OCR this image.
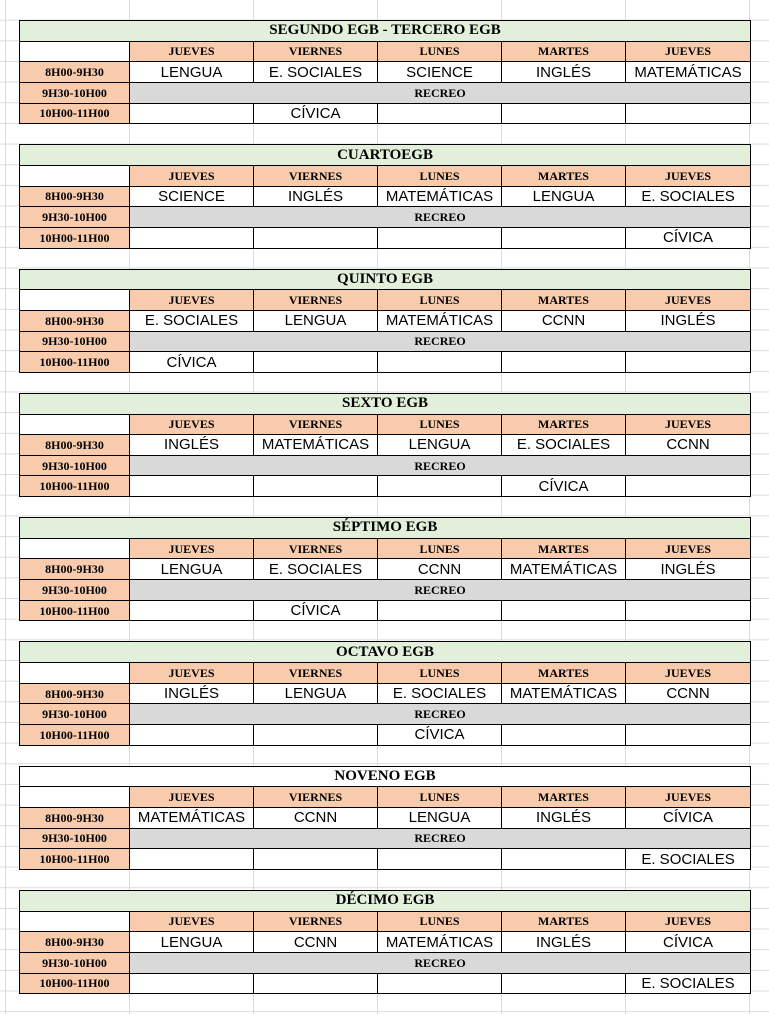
SEGUNDO EGB - TERCERO EGB					
	JUEVES	VIERNES	LUNES	MARTES	JUEVES
8H00-9H30	LENGUA	E. SOCIALES	SCIENCE	INGLÉS	MATEMÁTICAS
9H30-10H00	RECREO				
10H00-11H00		CÍVICA			
CUARTOEGB					
	JUEVES	VIERNES	LUNES	MARTES	JUEVES
8H00-9H30	SCIENCE	INGLÉS	MATEMÁTICAS	LENGUA	E. SOCIALES
9H30-10H00	RECREO				
10H00-11H00					CÍVICA
QUINTO EGB					
	JUEVES	VIERNES	LUNES	MARTES	JUEVES
8H00-9H30	E. SOCIALES	LENGUA	MATEMÁTICAS	CCNN	INGLÉS
9H30-10H00	RECREO				
10H00-11H00	CÍVICA				
SEXTO EGB					
	JUEVES	VIERNES	LUNES	MARTES	JUEVES
8H00-9H30	INGLÉS	MATEMÁTICAS	LENGUA	E. SOCIALES	CCNN
9H30-10H00	RECREO				
10H00-11H00				CÍVICA	
SÉPTIMO EGB					
	JUEVES	VIERNES	LUNES	MARTES	JUEVES
8H00-9H30	LENGUA	E. SOCIALES	CCNN	MATEMÁTICAS	INGLÉS
9H30-10H00	RECREO				
10H00-11H00		CÍVICA			
OCTAVO EGB					
	JUEVES	VIERNES	LUNES	MARTES	JUEVES
8H00-9H30	INGLÉS	LENGUA	E. SOCIALES	MATEMÁTICAS	CCNN
9H30-10H00	RECREO				
10H00-11H00			CÍVICA		
NOVENO EGB					
	JUEVES	VIERNES	LUNES	MARTES	JUEVES
8H00-9H30	MATEMÁTICAS	CCNN	LENGUA	INGLÉS	CÍVICA
9H30-10H00	RECREO				
10H00-11H00					E. SOCIALES
DÉCIMO EGB					
	JUEVES	VIERNES	LUNES	MARTES	JUEVES
8H00-9H30	LENGUA	CCNN	MATEMÁTICAS	INGLÉS	CÍVICA
9H30-10H00	RECREO				
10H00-11H00					E. SOCIALES
